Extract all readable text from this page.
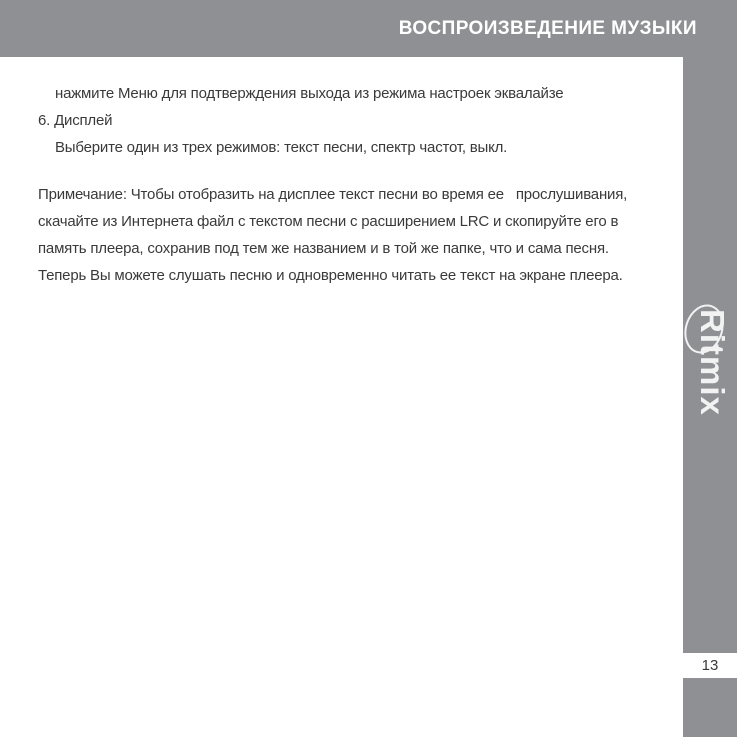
ВОСПРОИЗВЕДЕНИЕ МУЗЫКИ

нажмите Меню для подтверждения выхода из режима настроек эквалайзе

6. Дисплей

Выберите один из трех режимов: текст песни, спектр частот, выкл.

Примечание: Чтобы отобразить на дисплее текст песни во время ее   прослушивания,

скачайте из Интернета файл с текстом песни с расширением LRC и скопируйте его в

память плеера, сохранив под тем же названием и в той же папке, что и сама песня.

Теперь Вы можете слушать песню и одновременно читать ее текст на экране плеера.

Ritmix
13
